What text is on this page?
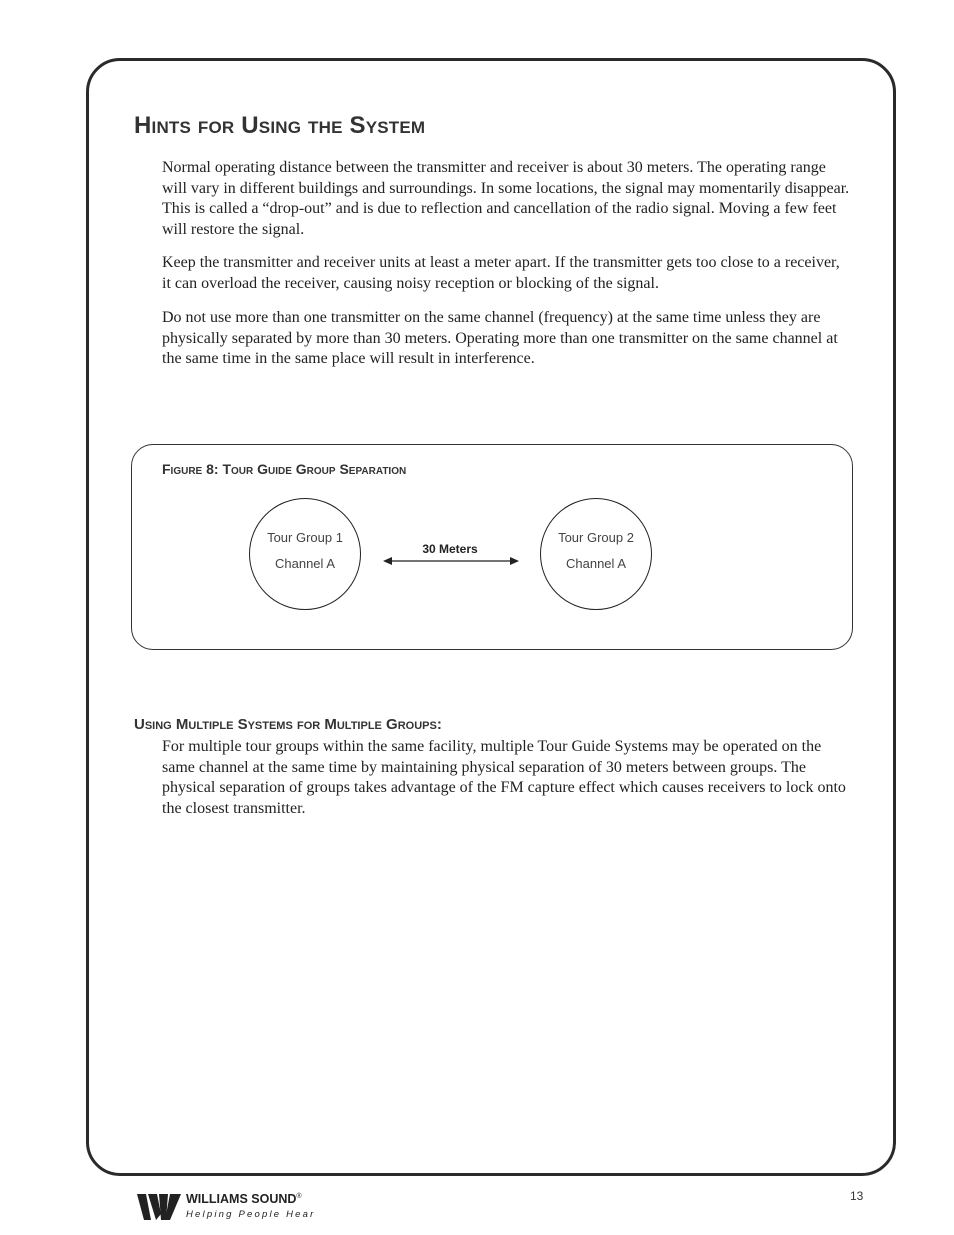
Hints for Using the System

Normal operating distance between the transmitter and receiver is about 30 meters. The operating range will vary in different buildings and surroundings. In some locations, the signal may momentarily disappear. This is called a “drop-out” and is due to reflection and cancellation of the radio signal. Moving a few feet will restore the signal.

Keep the transmitter and receiver units at least a meter apart. If the transmitter gets too close to a receiver, it can overload the receiver, causing noisy reception or blocking of the signal.

Do not use more than one transmitter on the same channel (frequency) at the same time unless they are physically separated by more than 30 meters. Operating more than one transmitter on the same channel at the same time in the same place will result in interference.

Figure 8: Tour Guide Group Separation
Tour Group 1
Channel A
30 Meters
Tour Group 2
Channel A
Using Multiple Systems for Multiple Groups:

For multiple tour groups within the same facility, multiple Tour Guide Systems may be operated on the same channel at the same time by maintaining physical separation of 30 meters between groups. The physical separation of groups takes advantage of the FM capture effect which causes receivers to lock onto the closest transmitter.

WILLIAMS SOUND®
Helping People Hear
13
